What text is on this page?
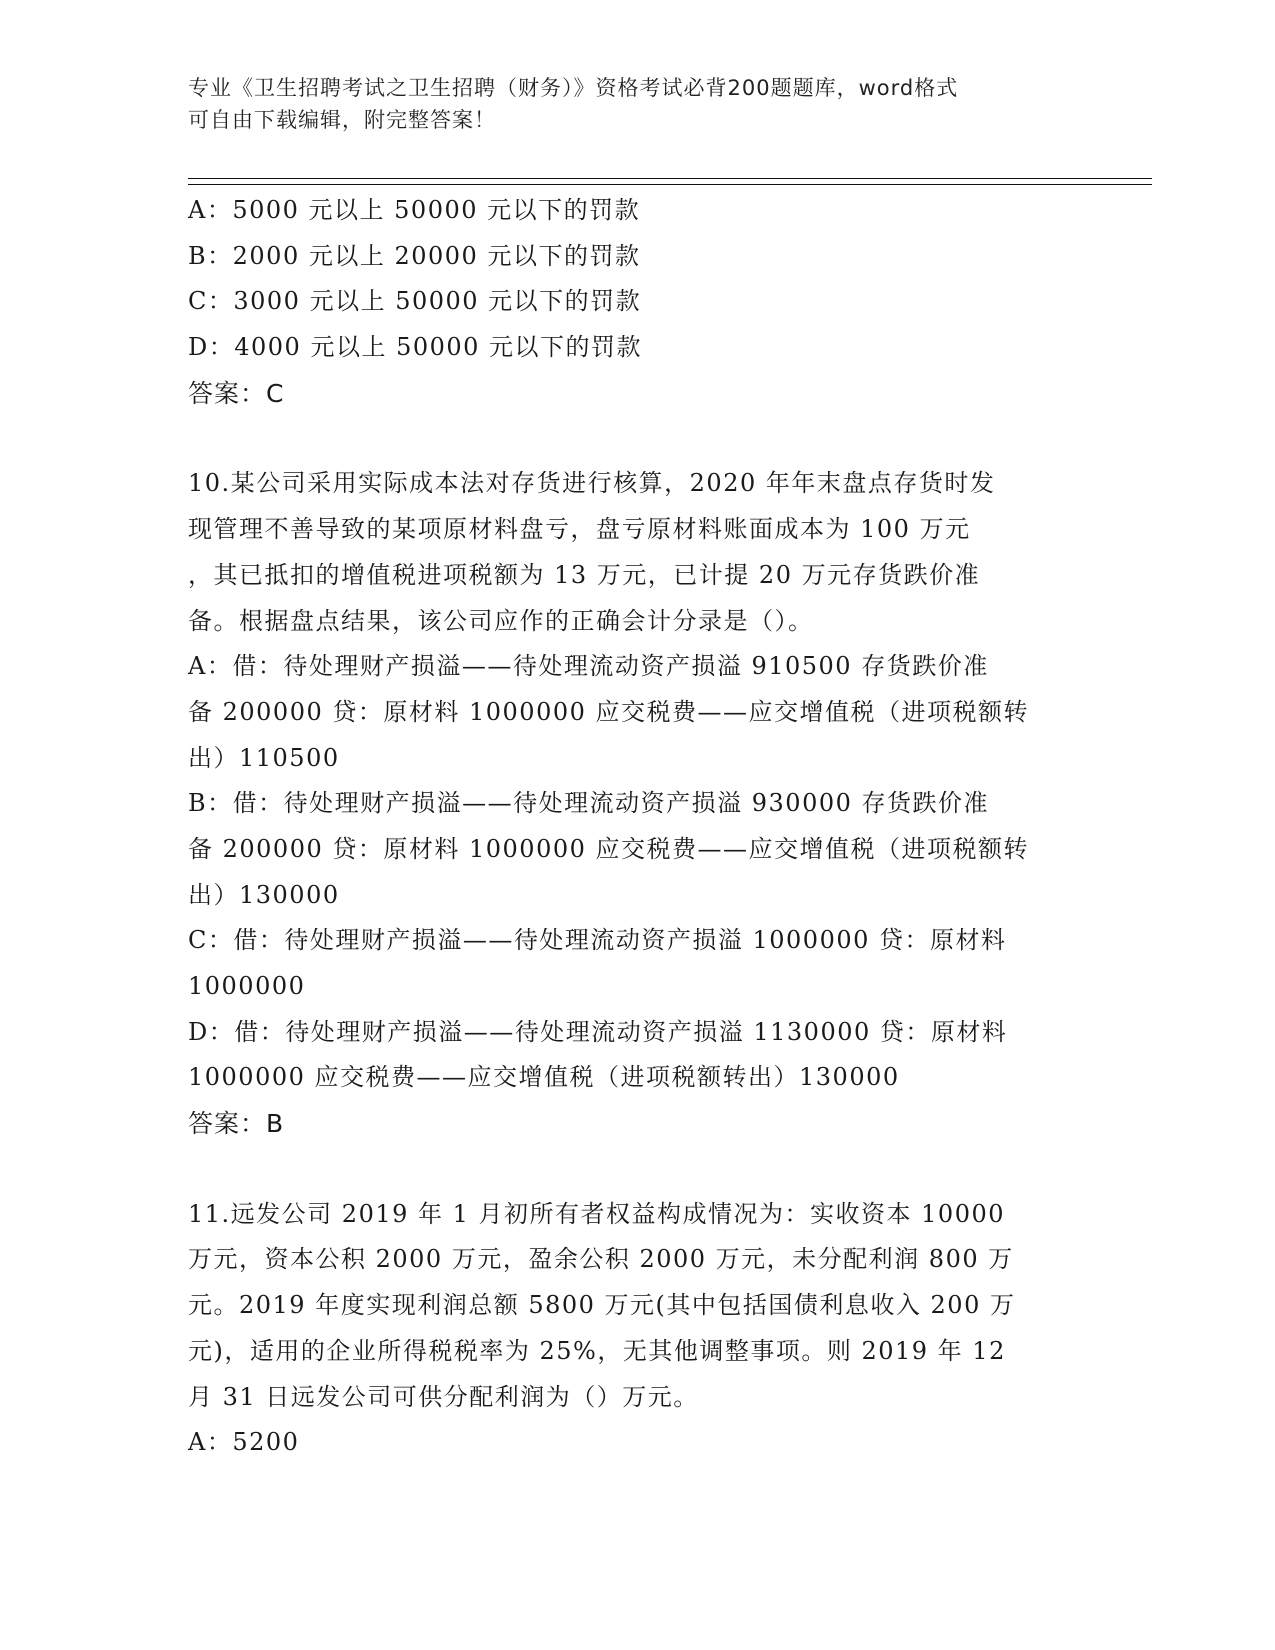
专业《卫生招聘考试之卫生招聘（财务）》资格考试必背200题题库，word格式
可自由下载编辑，附完整答案！
A：5000 元以上 50000 元以下的罚款
B：2000 元以上 20000 元以下的罚款
C：3000 元以上 50000 元以下的罚款
D：4000 元以上 50000 元以下的罚款
答案：C
10.某公司采用实际成本法对存货进行核算，2020 年年末盘点存货时发
现管理不善导致的某项原材料盘亏，盘亏原材料账面成本为 100 万元
，其已抵扣的增值税进项税额为 13 万元，已计提 20 万元存货跌价准
备。根据盘点结果，该公司应作的正确会计分录是（）。
A：借：待处理财产损溢——待处理流动资产损溢 910500 存货跌价准
备 200000 贷：原材料 1000000 应交税费——应交增值税（进项税额转
出）110500
B：借：待处理财产损溢——待处理流动资产损溢 930000 存货跌价准
备 200000 贷：原材料 1000000 应交税费——应交增值税（进项税额转
出）130000
C：借：待处理财产损溢——待处理流动资产损溢 1000000 贷：原材料
1000000
D：借：待处理财产损溢——待处理流动资产损溢 1130000 贷：原材料
1000000 应交税费——应交增值税（进项税额转出）130000
答案：B
11.远发公司 2019 年 1 月初所有者权益构成情况为：实收资本 10000
万元，资本公积 2000 万元，盈余公积 2000 万元，未分配利润 800 万
元。2019 年度实现利润总额 5800 万元(其中包括国债利息收入 200 万
元)，适用的企业所得税税率为 25%，无其他调整事项。则 2019 年 12
月 31 日远发公司可供分配利润为（）万元。
A：5200
